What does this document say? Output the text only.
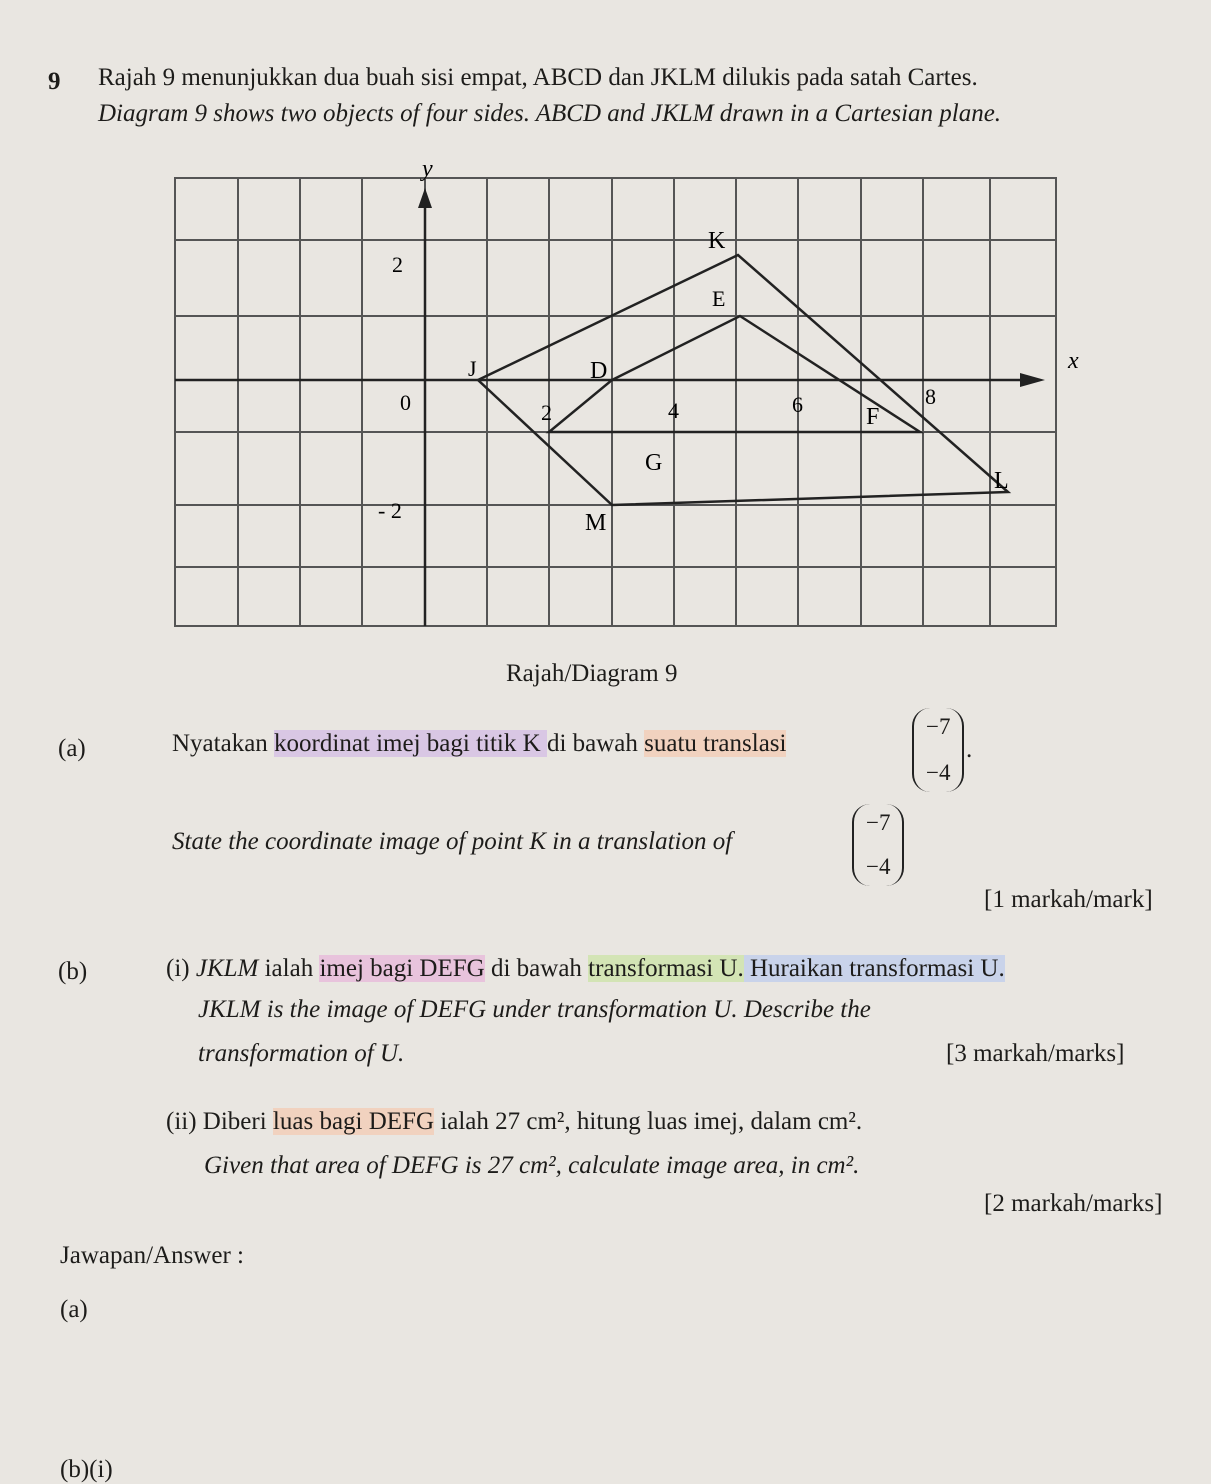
9 Rajah 9 menunjukkan dua buah sisi empat, ABCD dan JKLM dilukis pada satah Cartes.
Diagram 9 shows two objects of four sides. ABCD and JKLM drawn in a Cartesian plane.
y
x
0	2	4	6	8
2
- 2
K
E
J	D
F
G
L
M
Rajah/Diagram 9
(a)	Nyatakan koordinat imej bagi titik K di bawah suatu translasi
−7
−4
.
State the coordinate image of point K in a translation of
−7
−4
[1 markah/mark]
(b)	(i) JKLM ialah imej bagi DEFG di bawah transformasi U. Huraikan transformasi U.
JKLM is the image of DEFG under transformation U. Describe the
transformation of U.	[3 markah/marks]
(ii) Diberi luas bagi DEFG ialah 27 cm², hitung luas imej, dalam cm².
Given that area of DEFG is 27 cm², calculate image area, in cm².
[2 markah/marks]
Jawapan/Answer :
(a)
(b)(i)
